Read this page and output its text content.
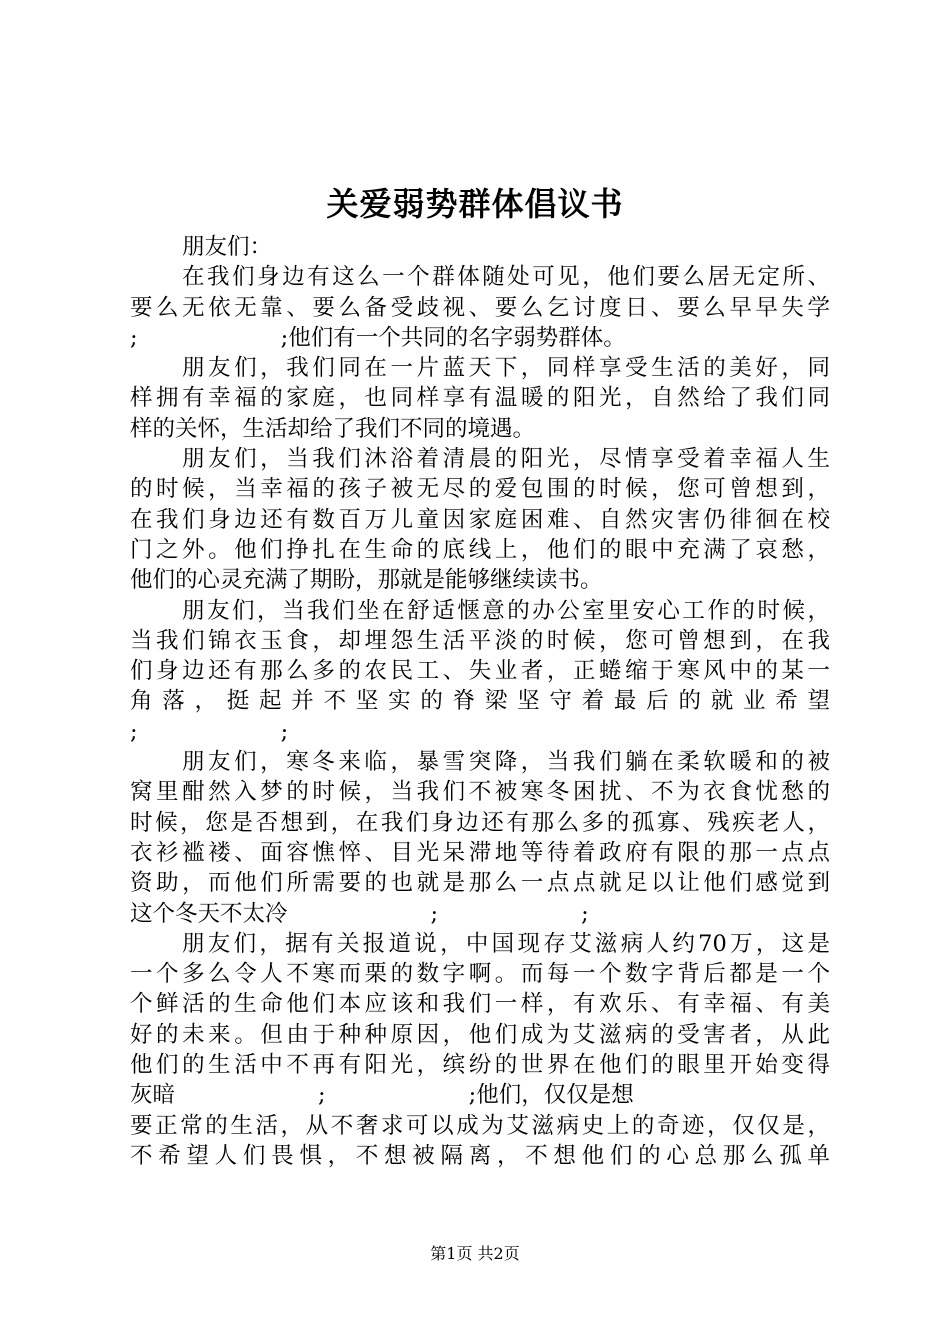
关爱弱势群体倡议书
朋友们：
在我们身边有这么一个群体随处可见，他们要么居无定所、
要么无依无靠、要么备受歧视、要么乞讨度日、要么早早失学
;                    ;他们有一个共同的名字弱势群体。
朋友们，我们同在一片蓝天下，同样享受生活的美好，同
样拥有幸福的家庭，也同样享有温暖的阳光，自然给了我们同
样的关怀，生活却给了我们不同的境遇。
朋友们，当我们沐浴着清晨的阳光，尽情享受着幸福人生
的时候，当幸福的孩子被无尽的爱包围的时候，您可曾想到，
在我们身边还有数百万儿童因家庭困难、自然灾害仍徘徊在校
门之外。他们挣扎在生命的底线上，他们的眼中充满了哀愁，
他们的心灵充满了期盼，那就是能够继续读书。
朋友们，当我们坐在舒适惬意的办公室里安心工作的时候，
当我们锦衣玉食，却埋怨生活平淡的时候，您可曾想到，在我
们身边还有那么多的农民工、失业者，正蜷缩于寒风中的某一
角落，挺起并不坚实的脊梁坚守着最后的就业希望
;                    ;
朋友们，寒冬来临，暴雪突降，当我们躺在柔软暖和的被
窝里酣然入梦的时候，当我们不被寒冬困扰、不为衣食忧愁的
时候，您是否想到，在我们身边还有那么多的孤寡、残疾老人，
衣衫褴褛、面容憔悴、目光呆滞地等待着政府有限的那一点点
资助，而他们所需要的也就是那么一点点就足以让他们感觉到
这个冬天不太冷                    ;                    ;
朋友们，据有关报道说，中国现存艾滋病人约70万，这是
一个多么令人不寒而栗的数字啊。而每一个数字背后都是一个
个鲜活的生命他们本应该和我们一样，有欢乐、有幸福、有美
好的未来。但由于种种原因，他们成为艾滋病的受害者，从此
他们的生活中不再有阳光，缤纷的世界在他们的眼里开始变得
灰暗                    ;                    ;他们，仅仅是想
要正常的生活，从不奢求可以成为艾滋病史上的奇迹，仅仅是，
不希望人们畏惧，不想被隔离，不想他们的心总那么孤单
第1页 共2页
